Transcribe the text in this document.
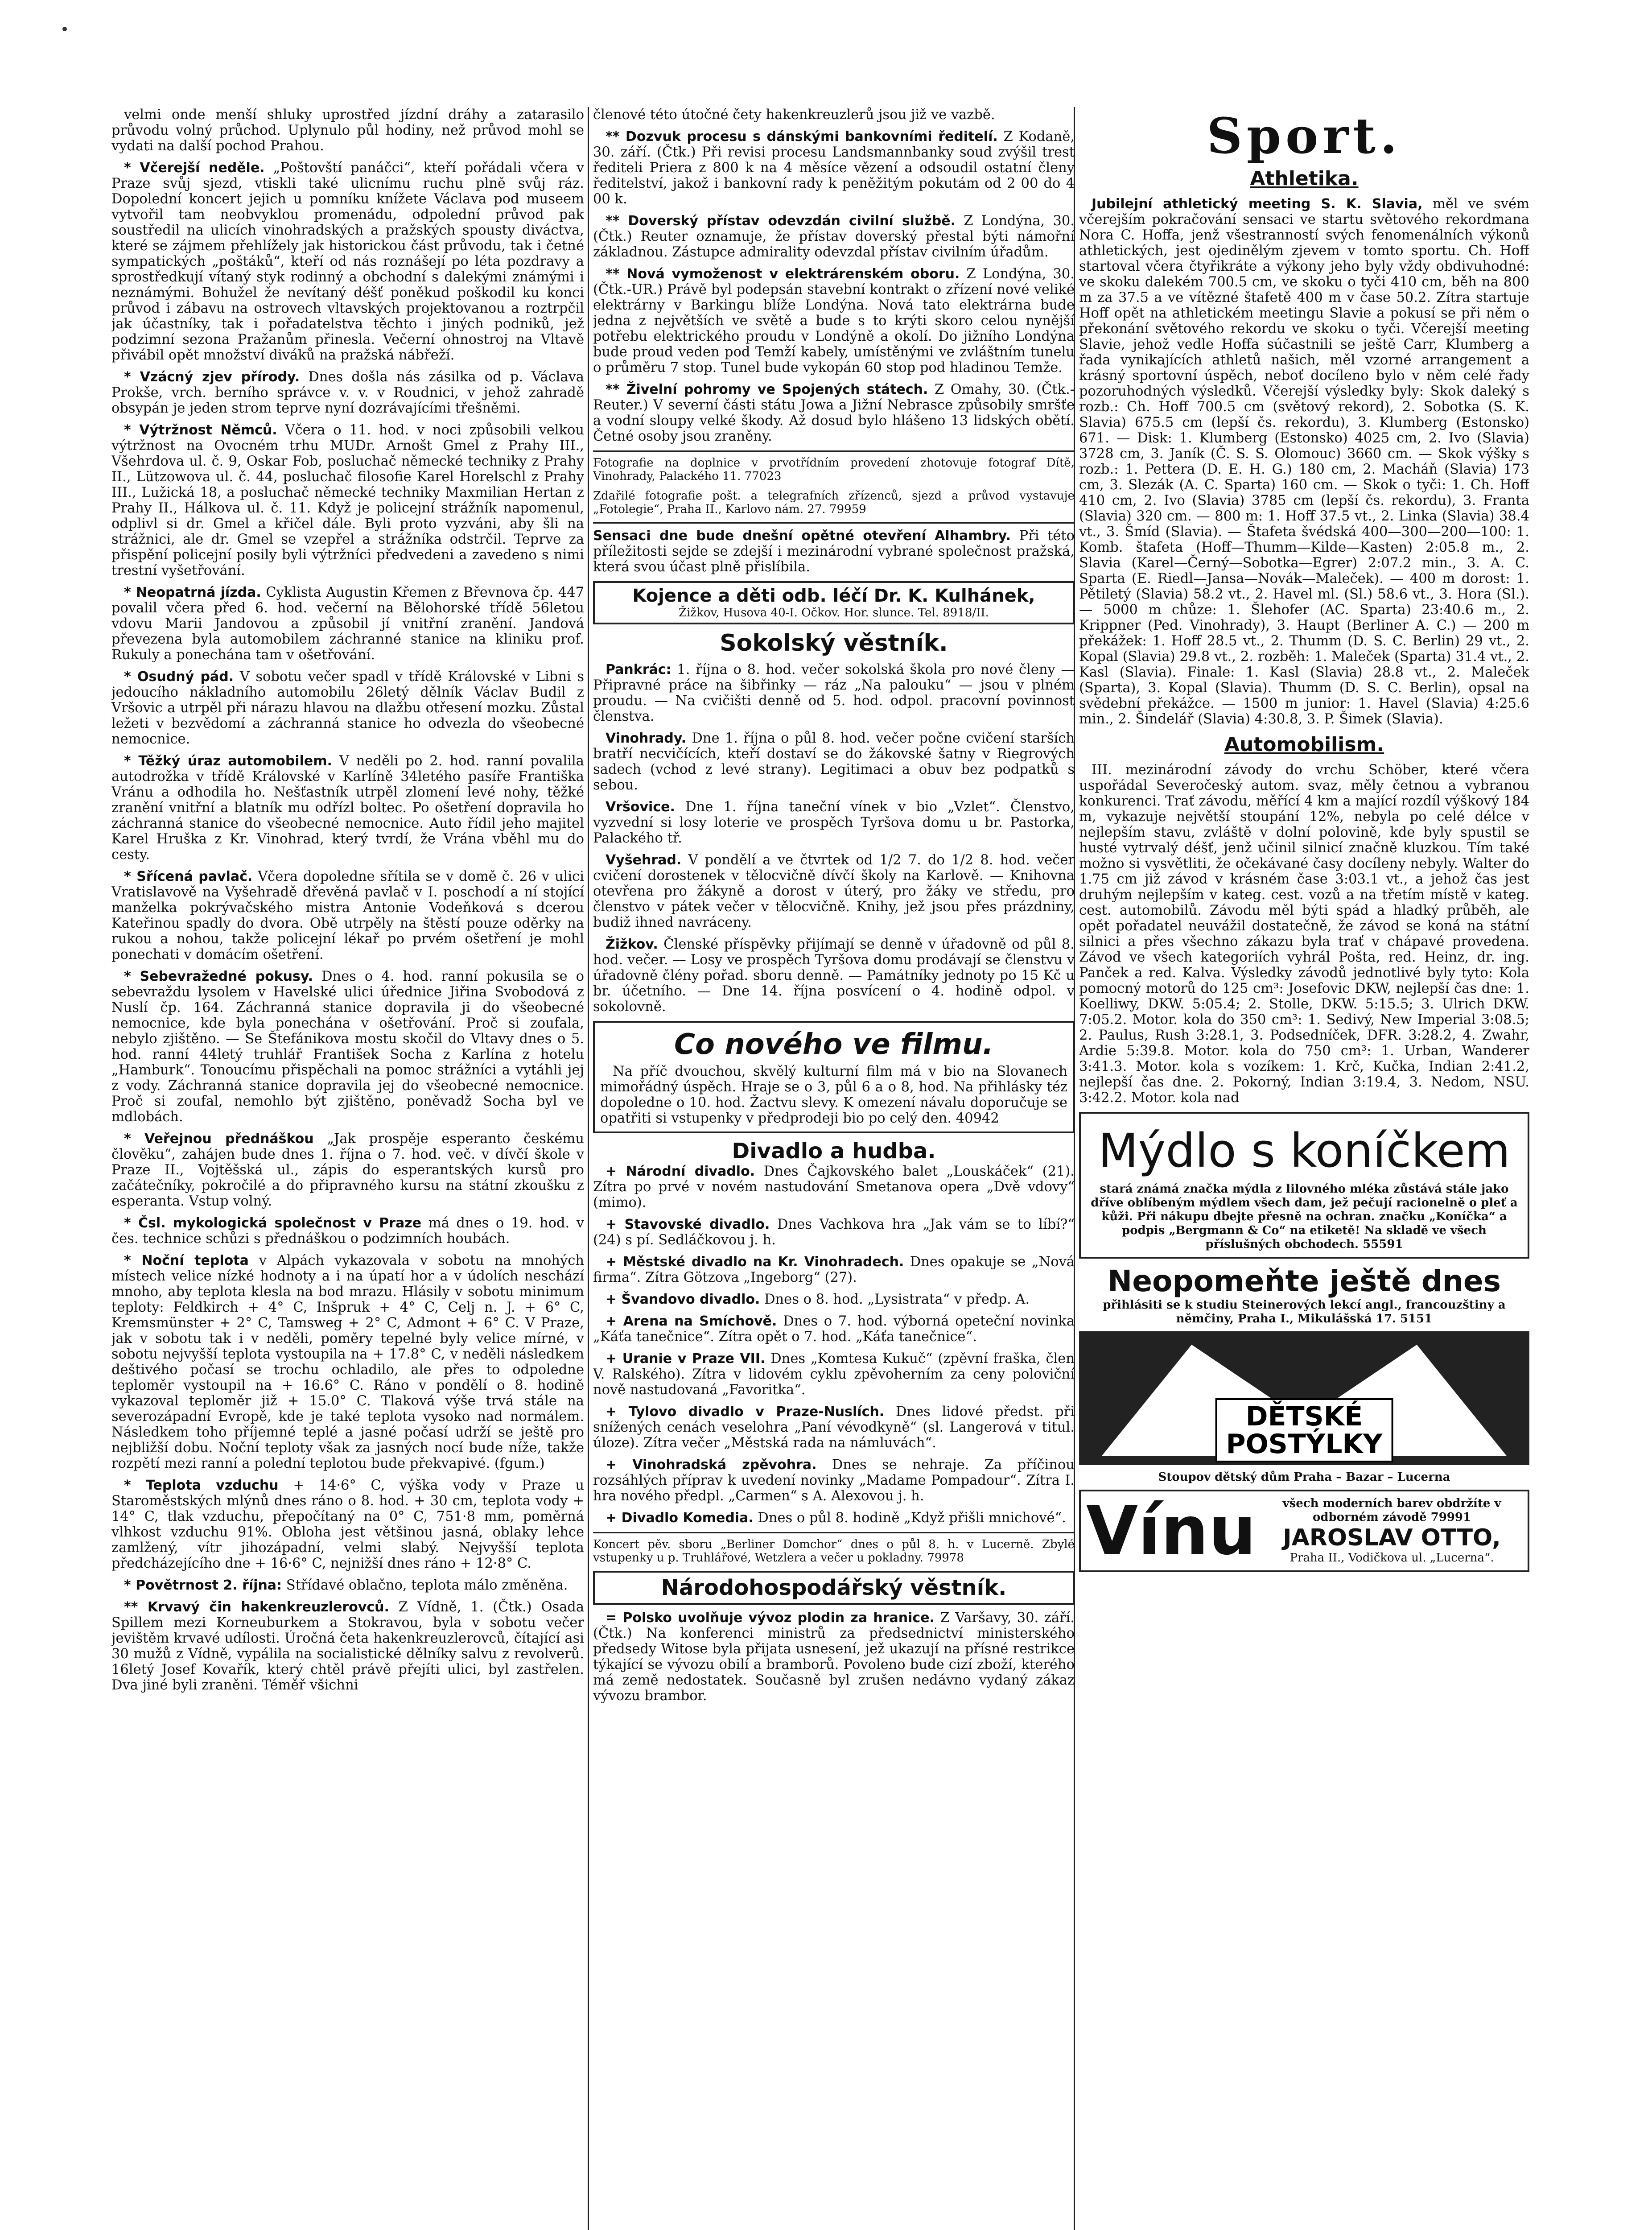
velmi onde menší shluky uprostřed jízdní dráhy a zatarasilo průvodu volný průchod. Uplynulo půl hodiny, než průvod mohl se vydati na další pochod Prahou.

* Včerejší neděle. „Poštovští panáčci“, kteří pořádali včera v Praze svůj sjezd, vtiskli také ulicnímu ruchu plně svůj ráz. Dopolední koncert jejich u pomníku knížete Václava pod museem vytvořil tam neobvyklou promenádu, odpolední průvod pak soustředil na ulicích vinohradských a pražských spousty diváctva, které se zájmem přehlížely jak historickou část průvodu, tak i četné sympatických „poštáků“, kteří od nás roznášejí po léta pozdravy a sprostředkují vítaný styk rodinný a obchodní s dalekými známými i neznámými. Bohužel že nevítaný déšť poněkud poškodil ku konci průvod i zábavu na ostrovech vltavských projektovanou a roztrpčil jak účastníky, tak i pořadatelstva těchto i jiných podniků, jež podzimní sezona Pražanům přinesla. Večerní ohnostroj na Vltavě přivábil opět množství diváků na pražská nábřeží.

* Vzácný zjev přírody. Dnes došla nás zásilka od p. Václava Prokše, vrch. berního správce v. v. v Roudnici, v jehož zahradě obsypán je jeden strom teprve nyní dozrávajícími třešněmi.

* Výtržnost Němců. Včera o 11. hod. v noci způsobili velkou výtržnost na Ovocném trhu MUDr. Arnošt Gmel z Prahy III., Všehrdova ul. č. 9, Oskar Fob, posluchač německé techniky z Prahy II., Lützowova ul. č. 44, posluchač filosofie Karel Horelschl z Prahy III., Lužická 18, a posluchač německé techniky Maxmilian Hertan z Prahy II., Hálkova ul. č. 11. Když je policejní strážník napomenul, odplivl si dr. Gmel a křičel dále. Byli proto vyzváni, aby šli na strážnici, ale dr. Gmel se vzepřel a strážníka odstrčil. Teprve za přispění policejní posily byli výtržníci předvedeni a zavedeno s nimi trestní vyšetřování.

* Neopatrná jízda. Cyklista Augustin Křemen z Břevnova čp. 447 povalil včera před 6. hod. večerní na Bělohorské třídě 56letou vdovu Marii Jandovou a způsobil jí vnitřní zranění. Jandová převezena byla automobilem záchranné stanice na kliniku prof. Rukuly a ponechána tam v ošetřování.

* Osudný pád. V sobotu večer spadl v třídě Královské v Libni s jedoucího nákladního automobilu 26letý dělník Václav Budil z Vršovic a utrpěl při nárazu hlavou na dlažbu otřesení mozku. Zůstal ležeti v bezvědomí a záchranná stanice ho odvezla do všeobecné nemocnice.

* Těžký úraz automobilem. V neděli po 2. hod. ranní povalila autodrožka v třídě Královské v Karlíně 34letého pasíře Františka Vránu a odhodila ho. Nešťastník utrpěl zlomení levé nohy, těžké zranění vnitřní a blatník mu odřízl boltec. Po ošetření dopravila ho záchranná stanice do všeobecné nemocnice. Auto řídil jeho majitel Karel Hruška z Kr. Vinohrad, který tvrdí, že Vrána vběhl mu do cesty.

* Sřícená pavlač. Včera dopoledne sřítila se v domě č. 26 v ulici Vratislavově na Vyšehradě dřevěná pavlač v I. poschodí a ní stojící manželka pokrývačského mistra Antonie Vodeňková s dcerou Kateřinou spadly do dvora. Obě utrpěly na štěstí pouze oděrky na rukou a nohou, takže policejní lékař po prvém ošetření je mohl ponechati v domácím ošetření.

* Sebevražedné pokusy. Dnes o 4. hod. ranní pokusila se o sebevraždu lysolem v Havelské ulici úřednice Jiřina Svobodová z Nuslí čp. 164. Záchranná stanice dopravila ji do všeobecné nemocnice, kde byla ponechána v ošetřování. Proč si zoufala, nebylo zjištěno. — Se Štefánikova mostu skočil do Vltavy dnes o 5. hod. ranní 44letý truhlář František Socha z Karlína z hotelu „Hamburk“. Tonoucímu přispěchali na pomoc strážníci a vytáhli jej z vody. Záchranná stanice dopravila jej do všeobecné nemocnice. Proč si zoufal, nemohlo být zjištěno, poněvadž Socha byl ve mdlobách.

* Veřejnou přednáškou „Jak prospěje esperanto českému člověku“, zahájen bude dnes 1. října o 7. hod. več. v dívčí škole v Praze II., Vojtěšská ul., zápis do esperantských kursů pro začátečníky, pokročilé a do připravného kursu na státní zkoušku z esperanta. Vstup volný.

* Čsl. mykologická společnost v Praze má dnes o 19. hod. v čes. technice schůzi s přednáškou o podzimních houbách.

* Noční teplota v Alpách vykazovala v sobotu na mnohých místech velice nízké hodnoty a i na úpatí hor a v údolích neschází mnoho, aby teplota klesla na bod mrazu. Hlásily v sobotu minimum teploty: Feldkirch + 4° C, Inšpruk + 4° C, Celj n. J. + 6° C, Kremsmünster + 2° C, Tamsweg + 2° C, Admont + 6° C. V Praze, jak v sobotu tak i v neděli, poměry tepelné byly velice mírné, v sobotu nejvyšší teplota vystoupila na + 17.8° C, v neděli následkem deštivého počasí se trochu ochladilo, ale přes to odpoledne teploměr vystoupil na + 16.6° C. Ráno v pondělí o 8. hodině vykazoval teploměr již + 15.0° C. Tlaková výše trvá stále na severozápadní Evropě, kde je také teplota vysoko nad normálem. Následkem toho příjemné teplé a jasné počasí udrží se ještě pro nejbližší dobu. Noční teploty však za jasných nocí bude níže, takže rozpětí mezi ranní a polední teplotou bude překvapivé. (fgum.)

* Teplota vzduchu + 14·6° C, výška vody v Praze u Staroměstských mlýnů dnes ráno o 8. hod. + 30 cm, teplota vody + 14° C, tlak vzduchu, přepočítaný na 0° C, 751·8 mm, poměrná vlhkost vzduchu 91%. Obloha jest většinou jasná, oblaky lehce zamlžený, vítr jihozápadní, velmi slabý. Nejvyšší teplota předcházejícího dne + 16·6° C, nejnižší dnes ráno + 12·8° C.

* Povětrnost 2. října: Střídavé oblačno, teplota málo změněna.

** Krvavý čin hakenkreuzlerovců. Z Vídně, 1. (Čtk.) Osada Spillem mezi Korneuburkem a Stokravou, byla v sobotu večer jevištěm krvavé udílosti. Úročná četa hakenkreuzlerovců, čítající asi 30 mužů z Vídně, vypálila na socialistické dělníky salvu z revolverů. 16letý Josef Kovařík, který chtěl právě přejíti ulici, byl zastřelen. Dva jiné byli zraněni. Téměř všichni

členové této útočné čety hakenkreuzlerů jsou již ve vazbě.

** Dozvuk procesu s dánskými bankovními ředitelí. Z Kodaně, 30. září. (Čtk.) Při revisi procesu Landsmannbanky soud zvýšil trest řediteli Priera z 800 k na 4 měsíce vězení a odsoudil ostatní členy ředitelství, jakož i bankovní rady k peněžitým pokutám od 2 00 do 4 00 k.

** Doverský přístav odevzdán civilní službě. Z Londýna, 30. (Čtk.) Reuter oznamuje, že přístav doverský přestal býti námořní základnou. Zástupce admirality odevzdal přístav civilním úřadům.

** Nová vymoženost v elektrárenském oboru. Z Londýna, 30. (Čtk.-UR.) Právě byl podepsán stavební kontrakt o zřízení nové veliké elektrárny v Barkingu blíže Londýna. Nová tato elektrárna bude jedna z největších ve světě a bude s to krýti skoro celou nynější potřebu elektrického proudu v Londýně a okolí. Do jižního Londýna bude proud veden pod Temží kabely, umístěnými ve zvláštním tunelu o průměru 7 stop. Tunel bude vykopán 60 stop pod hladinou Temže.

** Živelní pohromy ve Spojených státech. Z Omahy, 30. (Čtk.-Reuter.) V severní části státu Jowa a Jižní Nebrasce způsobily smršťe a vodní sloupy velké škody. Až dosud bylo hlášeno 13 lidských obětí. Četné osoby jsou zraněny.

Fotografie na doplnice v prvotřídním provedení zhotovuje fotograf Dítě, Vinohrady, Palackého 11. 77023

Zdařilé fotografie pošt. a telegrafních zřízenců, sjezd a průvod vystavuje „Fotolegie“, Praha II., Karlovo nám. 27. 79959

Sensaci dne bude dnešní opětné otevření Alhambry. Při této příležitosti sejde se zdejší i mezinárodní vybrané společnost pražská, která svou účast plně přislíbila.

Kojence a děti odb. léčí Dr. K. Kulhánek,
Žižkov, Husova 40-I. Očkov. Hor. slunce. Tel. 8918/II.
Sokolský věstník.

Pankrác: 1. října o 8. hod. večer sokolská škola pro nové členy — Připravné práce na šibřinky — ráz „Na palouku“ — jsou v plném proudu. — Na cvičišti denně od 5. hod. odpol. pracovní povinnost členstva.

Vinohrady. Dne 1. října o půl 8. hod. večer počne cvičení starších bratří necvičících, kteří dostaví se do žákovské šatny v Riegrových sadech (vchod z levé strany). Legitimaci a obuv bez podpatků s sebou.

Vršovice. Dne 1. října taneční vínek v bio „Vzlet“. Členstvo, vyzvední si losy loterie ve prospěch Tyršova domu u br. Pastorka, Palackého tř.

Vyšehrad. V pondělí a ve čtvrtek od 1/2 7. do 1/2 8. hod. večer cvičení dorostenek v tělocvičně dívčí školy na Karlově. — Knihovna otevřena pro žákyně a dorost v úterý, pro žáky ve středu, pro členstvo v pátek večer v tělocvičně. Knihy, jež jsou přes prázdniny, budiž ihned navráceny.

Žižkov. Členské příspěvky přijímají se denně v úřadovně od půl 8. hod. večer. — Losy ve prospěch Tyršova domu prodávají se členstvu v úřadovně člény pořad. sboru denně. — Památníky jednoty po 15 Kč u br. účetního. — Dne 14. října posvícení o 4. hodině odpol. v sokolovně.

Co nového ve filmu.

Na příč dvouchou, skvělý kulturní film má v bio na Slovanech mimořádný úspěch. Hraje se o 3, půl 6 a o 8, hod. Na přihlásky téz dopoledne o 10. hod. Žactvu slevy. K omezení návalu doporučuje se opatřiti si vstupenky v předprodeji bio po celý den. 40942

Divadlo a hudba.

+ Národní divadlo. Dnes Čajkovského balet „Louskáček“ (21). Zítra po prvé v novém nastudování Smetanova opera „Dvě vdovy“ (mimo).

+ Stavovské divadlo. Dnes Vachkova hra „Jak vám se to líbí?“ (24) s pí. Sedláčkovou j. h.

+ Městské divadlo na Kr. Vinohradech. Dnes opakuje se „Nová firma“. Zítra Götzova „Ingeborg“ (27).

+ Švandovo divadlo. Dnes o 8. hod. „Lysistrata“ v předp. A.

+ Arena na Smíchově. Dnes o 7. hod. výborná opeteční novinka „Káťa tanečnice“. Zítra opět o 7. hod. „Káťa tanečnice“.

+ Uranie v Praze VII. Dnes „Komtesa Kukuč“ (zpěvní fraška, člen V. Ralského). Zítra v lidovém cyklu zpěvoherním za ceny poloviční nově nastudovaná „Favoritka“.

+ Tylovo divadlo v Praze-Nuslích. Dnes lidové předst. při snížených cenách veselohra „Paní vévodkyně“ (sl. Langerová v titul. úloze). Zítra večer „Městská rada na námluvách“.

+ Vinohradská zpěvohra. Dnes se nehraje. Za příčinou rozsáhlých příprav k uvedení novinky „Madame Pompadour“. Zítra I. hra nového předpl. „Carmen“ s A. Alexovou j. h.

+ Divadlo Komedia. Dnes o půl 8. hodině „Když přišli mnichové“.

Koncert pěv. sboru „Berliner Domchor“ dnes o půl 8. h. v Lucerně. Zbylé vstupenky u p. Truhlářové, Wetzlera a večer u pokladny. 79978

Národohospodářský věstník.

= Polsko uvolňuje vývoz plodin za hranice. Z Varšavy, 30. září. (Čtk.) Na konferenci ministrů za předsednictví ministerského předsedy Witose byla přijata usnesení, jež ukazují na přísné restrikce týkající se vývozu obilí a bramborů. Povoleno bude cizí zboží, kterého má země nedostatek. Současně byl zrušen nedávno vydaný zákaz vývozu brambor.

Sport.
Athletika.

Jubilejní athletický meeting S. K. Slavia, měl ve svém včerejším pokračování sensaci ve startu světového rekordmana Nora C. Hoffa, jenž všestranností svých fenomenálních výkonů athletických, jest ojedinělým zjevem v tomto sportu. Ch. Hoff startoval včera čtyřikráte a výkony jeho byly vždy obdivuhodné: ve skoku dalekém 700.5 cm, ve skoku o tyči 410 cm, běh na 800 m za 37.5 a ve vítězné štafetě 400 m v čase 50.2. Zítra startuje Hoff opět na athletickém meetingu Slavie a pokusí se při něm o překonání světového rekordu ve skoku o tyči. Včerejší meeting Slavie, jehož vedle Hoffa súčastnili se ještě Carr, Klumberg a řada vynikajících athletů našich, měl vzorné arrangement a krásný sportovní úspěch, neboť docíleno bylo v něm celé řady pozoruhodných výsledků. Včerejší výsledky byly: Skok daleký s rozb.: Ch. Hoff 700.5 cm (světový rekord), 2. Sobotka (S. K. Slavia) 675.5 cm (lepší čs. rekordu), 3. Klumberg (Estonsko) 671. — Disk: 1. Klumberg (Estonsko) 4025 cm, 2. Ivo (Slavia) 3728 cm, 3. Janík (Č. S. S. Olomouc) 3660 cm. — Skok výšky s rozb.: 1. Pettera (D. E. H. G.) 180 cm, 2. Macháň (Slavia) 173 cm, 3. Slezák (A. C. Sparta) 160 cm. — Skok o tyči: 1. Ch. Hoff 410 cm, 2. Ivo (Slavia) 3785 cm (lepší čs. rekordu), 3. Franta (Slavia) 320 cm. — 800 m: 1. Hoff 37.5 vt., 2. Linka (Slavia) 38.4 vt., 3. Šmíd (Slavia). — Štafeta švédská 400—300—200—100: 1. Komb. štafeta (Hoff—Thumm—Kilde—Kasten) 2:05.8 m., 2. Slavia (Karel—Černý—Sobotka—Egrer) 2:07.2 min., 3. A. C. Sparta (E. Riedl—Jansa—Novák—Maleček). — 400 m dorost: 1. Pětiletý (Slavia) 58.2 vt., 2. Havel ml. (Sl.) 58.6 vt., 3. Hora (Sl.). — 5000 m chůze: 1. Šlehofer (AC. Sparta) 23:40.6 m., 2. Krippner (Ped. Vinohrady), 3. Haupt (Berliner A. C.) — 200 m překážek: 1. Hoff 28.5 vt., 2. Thumm (D. S. C. Berlin) 29 vt., 2. Kopal (Slavia) 29.8 vt., 2. rozběh: 1. Maleček (Sparta) 31.4 vt., 2. Kasl (Slavia). Finale: 1. Kasl (Slavia) 28.8 vt., 2. Maleček (Sparta), 3. Kopal (Slavia). Thumm (D. S. C. Berlin), opsal na svědební překážce. — 1500 m junior: 1. Havel (Slavia) 4:25.6 min., 2. Šindelář (Slavia) 4:30.8, 3. P. Šimek (Slavia).

Automobilism.

III. mezinárodní závody do vrchu Schöber, které včera uspořádal Severočeský autom. svaz, měly četnou a vybranou konkurenci. Trať závodu, měřící 4 km a mající rozdíl výškový 184 m, vykazuje největší stoupání 12%, nebyla po celé délce v nejlepším stavu, zvláště v dolní polovině, kde byly spustil se husté vytrvalý déšť, jenž učinil silnicí značně kluzkou. Tím také možno si vysvětliti, že očekávané časy docíleny nebyly. Walter do 1.75 cm již závod v krásném čase 3:03.1 vt., a jehož čas jest druhým nejlepším v kateg. cest. vozů a na třetím místě v kateg. cest. automobilů. Závodu měl býti spád a hladký průběh, ale opět pořadatel neuvážil dostatečně, že závod se koná na státní silnici a přes všechno zákazu byla trať v chápavé provedena. Závod ve všech kategoriích vyhrál Pošta, red. Heinz, dr. ing. Panček a red. Kalva. Výsledky závodů jednotlivé byly tyto: Kola pomocný motorů do 125 cm³: Josefovic DKW, nejlepší čas dne: 1. Koelliwy, DKW. 5:05.4; 2. Stolle, DKW. 5:15.5; 3. Ulrich DKW. 7:05.2. Motor. kola do 350 cm³: 1. Sedivý, New Imperial 3:08.5; 2. Paulus, Rush 3:28.1, 3. Podsedníček, DFR. 3:28.2, 4. Zwahr, Ardie 5:39.8. Motor. kola do 750 cm³: 1. Urban, Wanderer 3:41.3. Motor. kola s vozíkem: 1. Krč, Kučka, Indian 2:41.2, nejlepší čas dne. 2. Pokorný, Indian 3:19.4, 3. Nedom, NSU. 3:42.2. Motor. kola nad

Mýdlo s koníčkem
stará známá značka mýdla z lilovného mléka zůstává stále jako dříve oblíbeným mýdlem všech dam, jež pečují racionelně o pleť a kůži. Při nákupu dbejte přesně na ochran. značku „Koníčka“ a podpis „Bergmann & Co“ na etiketě! Na skladě ve všech příslušných obchodech. 55591
Neopomeňte ještě dnes
přihlásiti se k studiu Steinerových lekcí angl., francouzštiny a němčiny, Praha I., Mikulášská 17. 5151
DĚTSKÉ
POSTÝLKY
Stoupov dětský dům Praha – Bazar – Lucerna
Vínu	všech moderních barev obdržíte v odborném závodě 79991
JAROSLAV OTTO,
Praha II., Vodičkova ul. „Lucerna“.
